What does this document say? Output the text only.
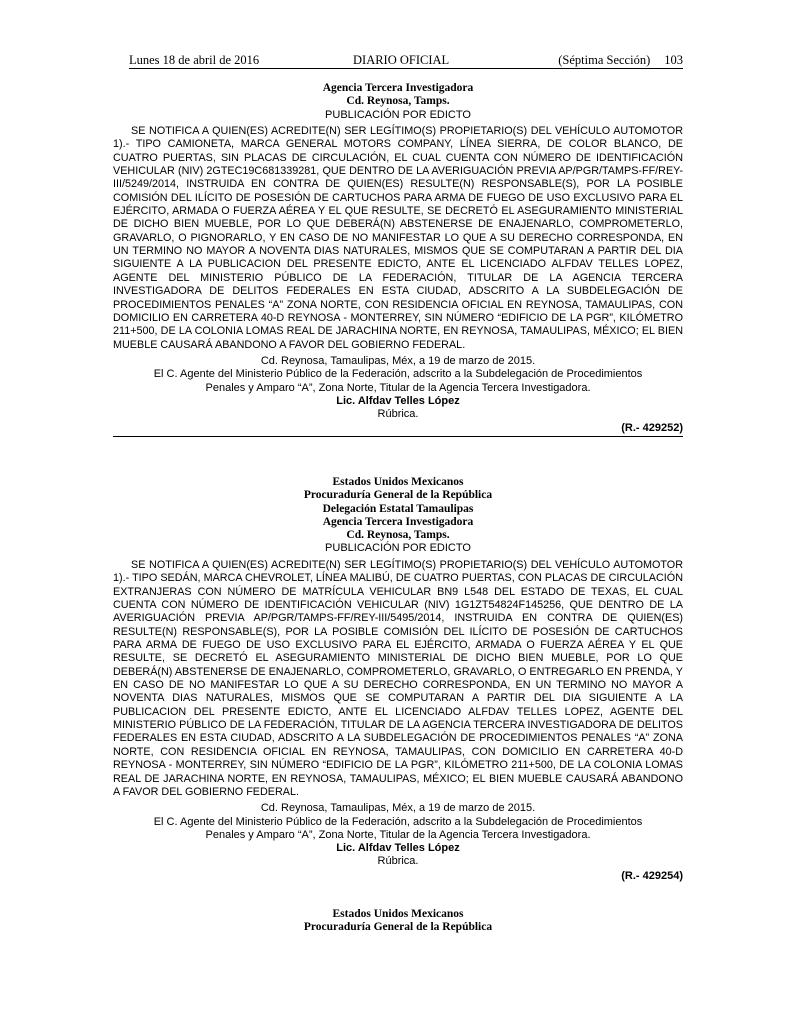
Lunes 18 de abril de 2016	DIARIO OFICIAL	(Séptima Sección) 103
Agencia Tercera Investigadora
Cd. Reynosa, Tamps.
PUBLICACIÓN POR EDICTO

SE NOTIFICA A QUIEN(ES) ACREDITE(N) SER LEGÍTIMO(S) PROPIETARIO(S) DEL VEHÍCULO AUTOMOTOR 1).- TIPO CAMIONETA, MARCA GENERAL MOTORS COMPANY, LÍNEA SIERRA, DE COLOR BLANCO, DE CUATRO PUERTAS, SIN PLACAS DE CIRCULACIÓN, EL CUAL CUENTA CON NÚMERO DE IDENTIFICACIÓN VEHICULAR (NIV) 2GTEC19C681339281, QUE DENTRO DE LA AVERIGUACIÓN PREVIA AP/PGR/TAMPS-FF/REY-III/5249/2014, INSTRUIDA EN CONTRA DE QUIEN(ES) RESULTE(N) RESPONSABLE(S), POR LA POSIBLE COMISIÓN DEL ILÍCITO DE POSESIÓN DE CARTUCHOS PARA ARMA DE FUEGO DE USO EXCLUSIVO PARA EL EJÉRCITO, ARMADA O FUERZA AÉREA Y EL QUE RESULTE, SE DECRETÓ EL ASEGURAMIENTO MINISTERIAL DE DICHO BIEN MUEBLE, POR LO QUE DEBERÁ(N) ABSTENERSE DE ENAJENARLO, COMPROMETERLO, GRAVARLO, O PIGNORARLO, Y EN CASO DE NO MANIFESTAR LO QUE A SU DERECHO CORRESPONDA, EN UN TERMINO NO MAYOR A NOVENTA DIAS NATURALES, MISMOS QUE SE COMPUTARAN A PARTIR DEL DIA SIGUIENTE A LA PUBLICACION DEL PRESENTE EDICTO, ANTE EL LICENCIADO ALFDAV TELLES LOPEZ, AGENTE DEL MINISTERIO PÚBLICO DE LA FEDERACIÓN, TITULAR DE LA AGENCIA TERCERA INVESTIGADORA DE DELITOS FEDERALES EN ESTA CIUDAD, ADSCRITO A LA SUBDELEGACIÓN DE PROCEDIMIENTOS PENALES “A” ZONA NORTE, CON RESIDENCIA OFICIAL EN REYNOSA, TAMAULIPAS, CON DOMICILIO EN CARRETERA 40-D REYNOSA - MONTERREY, SIN NÚMERO “EDIFICIO DE LA PGR”, KILÓMETRO 211+500, DE LA COLONIA LOMAS REAL DE JARACHINA NORTE, EN REYNOSA, TAMAULIPAS, MÉXICO; EL BIEN MUEBLE CAUSARÁ ABANDONO A FAVOR DEL GOBIERNO FEDERAL.

Cd. Reynosa, Tamaulipas, Méx, a 19 de marzo de 2015.
El C. Agente del Ministerio Público de la Federación, adscrito a la Subdelegación de Procedimientos
Penales y Amparo “A”, Zona Norte, Titular de la Agencia Tercera Investigadora.
Lic. Alfdav Telles López
Rúbrica.
(R.- 429252)
Estados Unidos Mexicanos
Procuraduría General de la República
Delegación Estatal Tamaulipas
Agencia Tercera Investigadora
Cd. Reynosa, Tamps.
PUBLICACIÓN POR EDICTO

SE NOTIFICA A QUIEN(ES) ACREDITE(N) SER LEGÍTIMO(S) PROPIETARIO(S) DEL VEHÍCULO AUTOMOTOR 1).- TIPO SEDÁN, MARCA CHEVROLET, LÍNEA MALIBÚ, DE CUATRO PUERTAS, CON PLACAS DE CIRCULACIÓN EXTRANJERAS CON NÚMERO DE MATRÍCULA VEHICULAR BN9 L548 DEL ESTADO DE TEXAS, EL CUAL CUENTA CON NÚMERO DE IDENTIFICACIÓN VEHICULAR (NIV) 1G1ZT54824F145256, QUE DENTRO DE LA AVERIGUACIÓN PREVIA AP/PGR/TAMPS-FF/REY-III/5495/2014, INSTRUIDA EN CONTRA DE QUIEN(ES) RESULTE(N) RESPONSABLE(S), POR LA POSIBLE COMISIÓN DEL ILÍCITO DE POSESIÓN DE CARTUCHOS PARA ARMA DE FUEGO DE USO EXCLUSIVO PARA EL EJÉRCITO, ARMADA O FUERZA AÉREA Y EL QUE RESULTE, SE DECRETÓ EL ASEGURAMIENTO MINISTERIAL DE DICHO BIEN MUEBLE, POR LO QUE DEBERÁ(N) ABSTENERSE DE ENAJENARLO, COMPROMETERLO, GRAVARLO, O ENTREGARLO EN PRENDA, Y EN CASO DE NO MANIFESTAR LO QUE A SU DERECHO CORRESPONDA, EN UN TERMINO NO MAYOR A NOVENTA DIAS NATURALES, MISMOS QUE SE COMPUTARAN A PARTIR DEL DIA SIGUIENTE A LA PUBLICACION DEL PRESENTE EDICTO, ANTE EL LICENCIADO ALFDAV TELLES LOPEZ, AGENTE DEL MINISTERIO PÚBLICO DE LA FEDERACIÓN, TITULAR DE LA AGENCIA TERCERA INVESTIGADORA DE DELITOS FEDERALES EN ESTA CIUDAD, ADSCRITO A LA SUBDELEGACIÓN DE PROCEDIMIENTOS PENALES “A” ZONA NORTE, CON RESIDENCIA OFICIAL EN REYNOSA, TAMAULIPAS, CON DOMICILIO EN CARRETERA 40-D REYNOSA - MONTERREY, SIN NÚMERO “EDIFICIO DE LA PGR”, KILÓMETRO 211+500, DE LA COLONIA LOMAS REAL DE JARACHINA NORTE, EN REYNOSA, TAMAULIPAS, MÉXICO; EL BIEN MUEBLE CAUSARÁ ABANDONO A FAVOR DEL GOBIERNO FEDERAL.

Cd. Reynosa, Tamaulipas, Méx, a 19 de marzo de 2015.
El C. Agente del Ministerio Público de la Federación, adscrito a la Subdelegación de Procedimientos
Penales y Amparo “A”, Zona Norte, Titular de la Agencia Tercera Investigadora.
Lic. Alfdav Telles López
Rúbrica.
(R.- 429254)
Estados Unidos Mexicanos
Procuraduría General de la República
